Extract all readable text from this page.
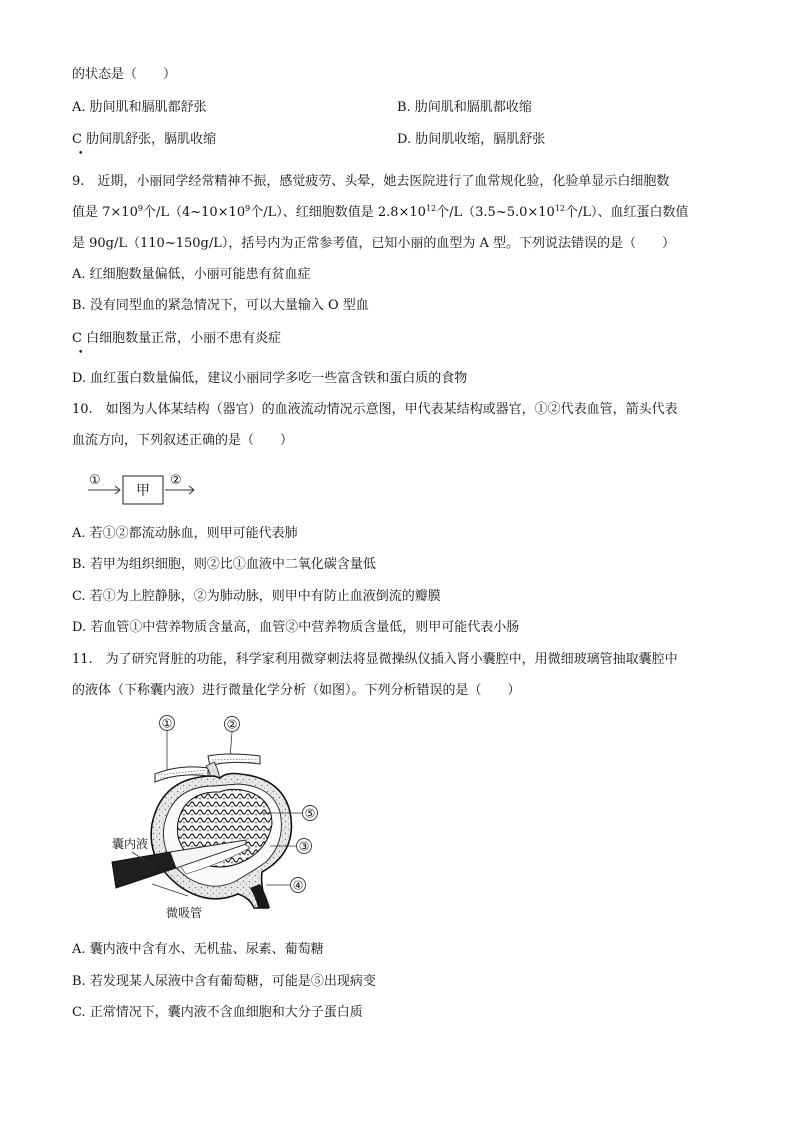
的状态是（　　）
A. 肋间肌和膈肌都舒张	B. 肋间肌和膈肌都收缩
C 肋间肌舒张，膈肌收缩
•
D. 肋间肌收缩，膈肌舒张
9.　近期，小丽同学经常精神不振，感觉疲劳、头晕，她去医院进行了血常规化验，化验单显示白细胞数
值是 $7\times 10^9$个$/L(4\sim 10\times 10^9$个/L）、红细胞数值是 $2.8\times 10^{12}$个$/L(3.5\sim 5.0\times 10^{12}$个/L）、血红蛋白数值
是 90g/L（110~150g/L），括号内为正常参考值，已知小丽的血型为 A 型。下列说法错误的是（　　）
A. 红细胞数量偏低，小丽可能患有贫血症
B. 没有同型血的紧急情况下，可以大量输入 O 型血
C 白细胞数量正常，小丽不患有炎症
•
D. 血红蛋白数量偏低，建议小丽同学多吃一些富含铁和蛋白质的食物
10.　如图为人体某结构（器官）的血液流动情况示意图，甲代表某结构或器官，①②代表血管，箭头代表
血流方向，下列叙述正确的是（　　）
①
甲
②
A. 若①②都流动脉血，则甲可能代表肺
B. 若甲为组织细胞，则②比①血液中二氧化碳含量低
C. 若①为上腔静脉，②为肺动脉，则甲中有防止血液倒流的瓣膜
D. 若血管①中营养物质含量高，血管②中营养物质含量低，则甲可能代表小肠
11.　为了研究肾脏的功能，科学家利用微穿刺法将显微操纵仪插入肾小囊腔中，用微细玻璃管抽取囊腔中
的液体（下称囊内液）进行微量化学分析（如图）。下列分析错误的是（　　）
①	②
⑤
③
④
囊内液
微吸管
A. 囊内液中含有水、无机盐、尿素、葡萄糖
B. 若发现某人尿液中含有葡萄糖，可能是⑤出现病变
C. 正常情况下，囊内液不含血细胞和大分子蛋白质
